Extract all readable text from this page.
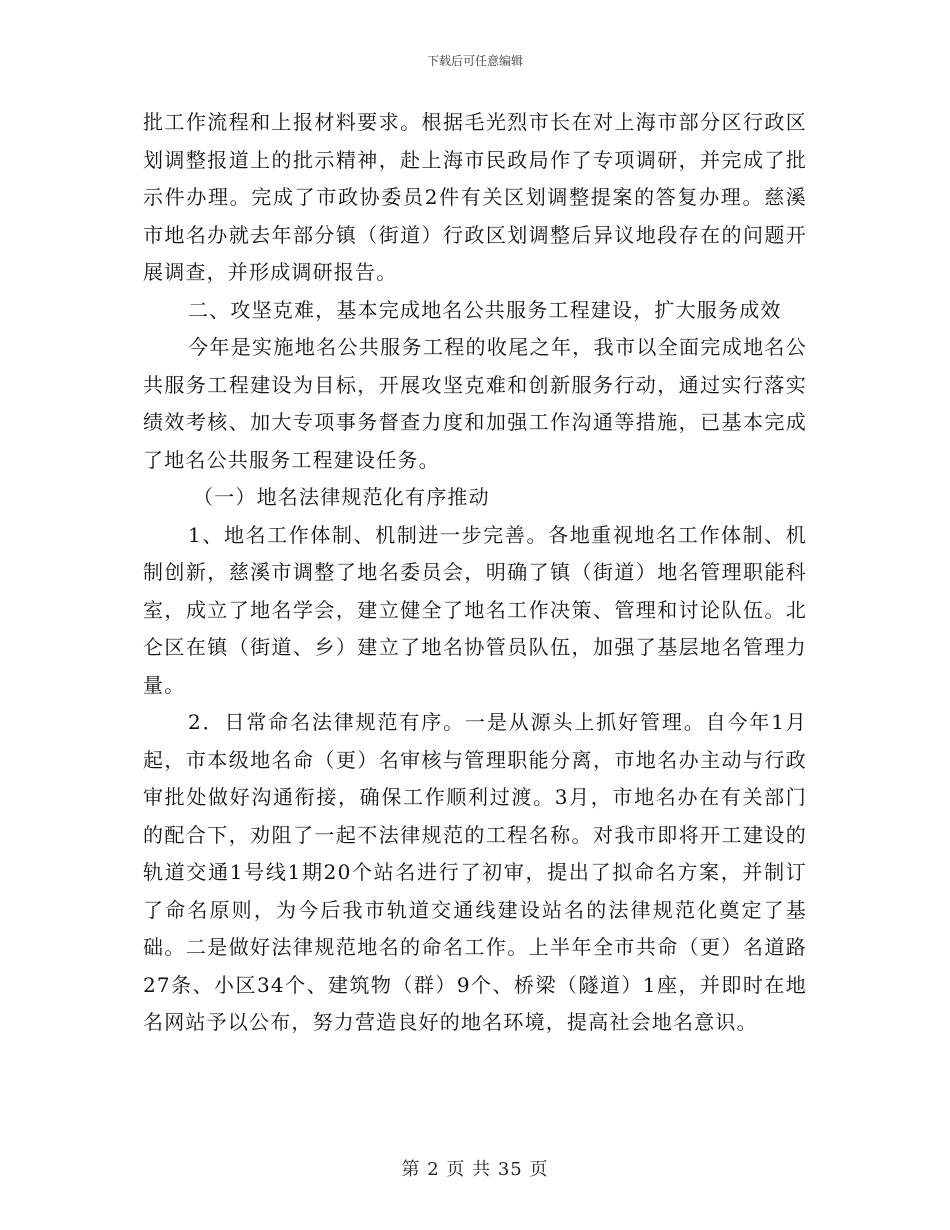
下载后可任意编辑

批工作流程和上报材料要求。根据毛光烈市长在对上海市部分区行政区划调整报道上的批示精神，赴上海市民政局作了专项调研，并完成了批示件办理。完成了市政协委员2件有关区划调整提案的答复办理。慈溪市地名办就去年部分镇（街道）行政区划调整后异议地段存在的问题开展调查，并形成调研报告。

二、攻坚克难，基本完成地名公共服务工程建设，扩大服务成效

今年是实施地名公共服务工程的收尾之年，我市以全面完成地名公共服务工程建设为目标，开展攻坚克难和创新服务行动，通过实行落实绩效考核、加大专项事务督查力度和加强工作沟通等措施，已基本完成了地名公共服务工程建设任务。

（一）地名法律规范化有序推动

1、地名工作体制、机制进一步完善。各地重视地名工作体制、机制创新，慈溪市调整了地名委员会，明确了镇（街道）地名管理职能科室，成立了地名学会，建立健全了地名工作决策、管理和讨论队伍。北仑区在镇（街道、乡）建立了地名协管员队伍，加强了基层地名管理力量。

2．日常命名法律规范有序。一是从源头上抓好管理。自今年1月起，市本级地名命（更）名审核与管理职能分离，市地名办主动与行政审批处做好沟通衔接，确保工作顺利过渡。3月，市地名办在有关部门的配合下，劝阻了一起不法律规范的工程名称。对我市即将开工建设的轨道交通1号线1期20个站名进行了初审，提出了拟命名方案，并制订了命名原则，为今后我市轨道交通线建设站名的法律规范化奠定了基础。二是做好法律规范地名的命名工作。上半年全市共命（更）名道路27条、小区34个、建筑物（群）9个、桥梁（隧道）1座，并即时在地名网站予以公布，努力营造良好的地名环境，提高社会地名意识。

第 2 页 共 35 页
